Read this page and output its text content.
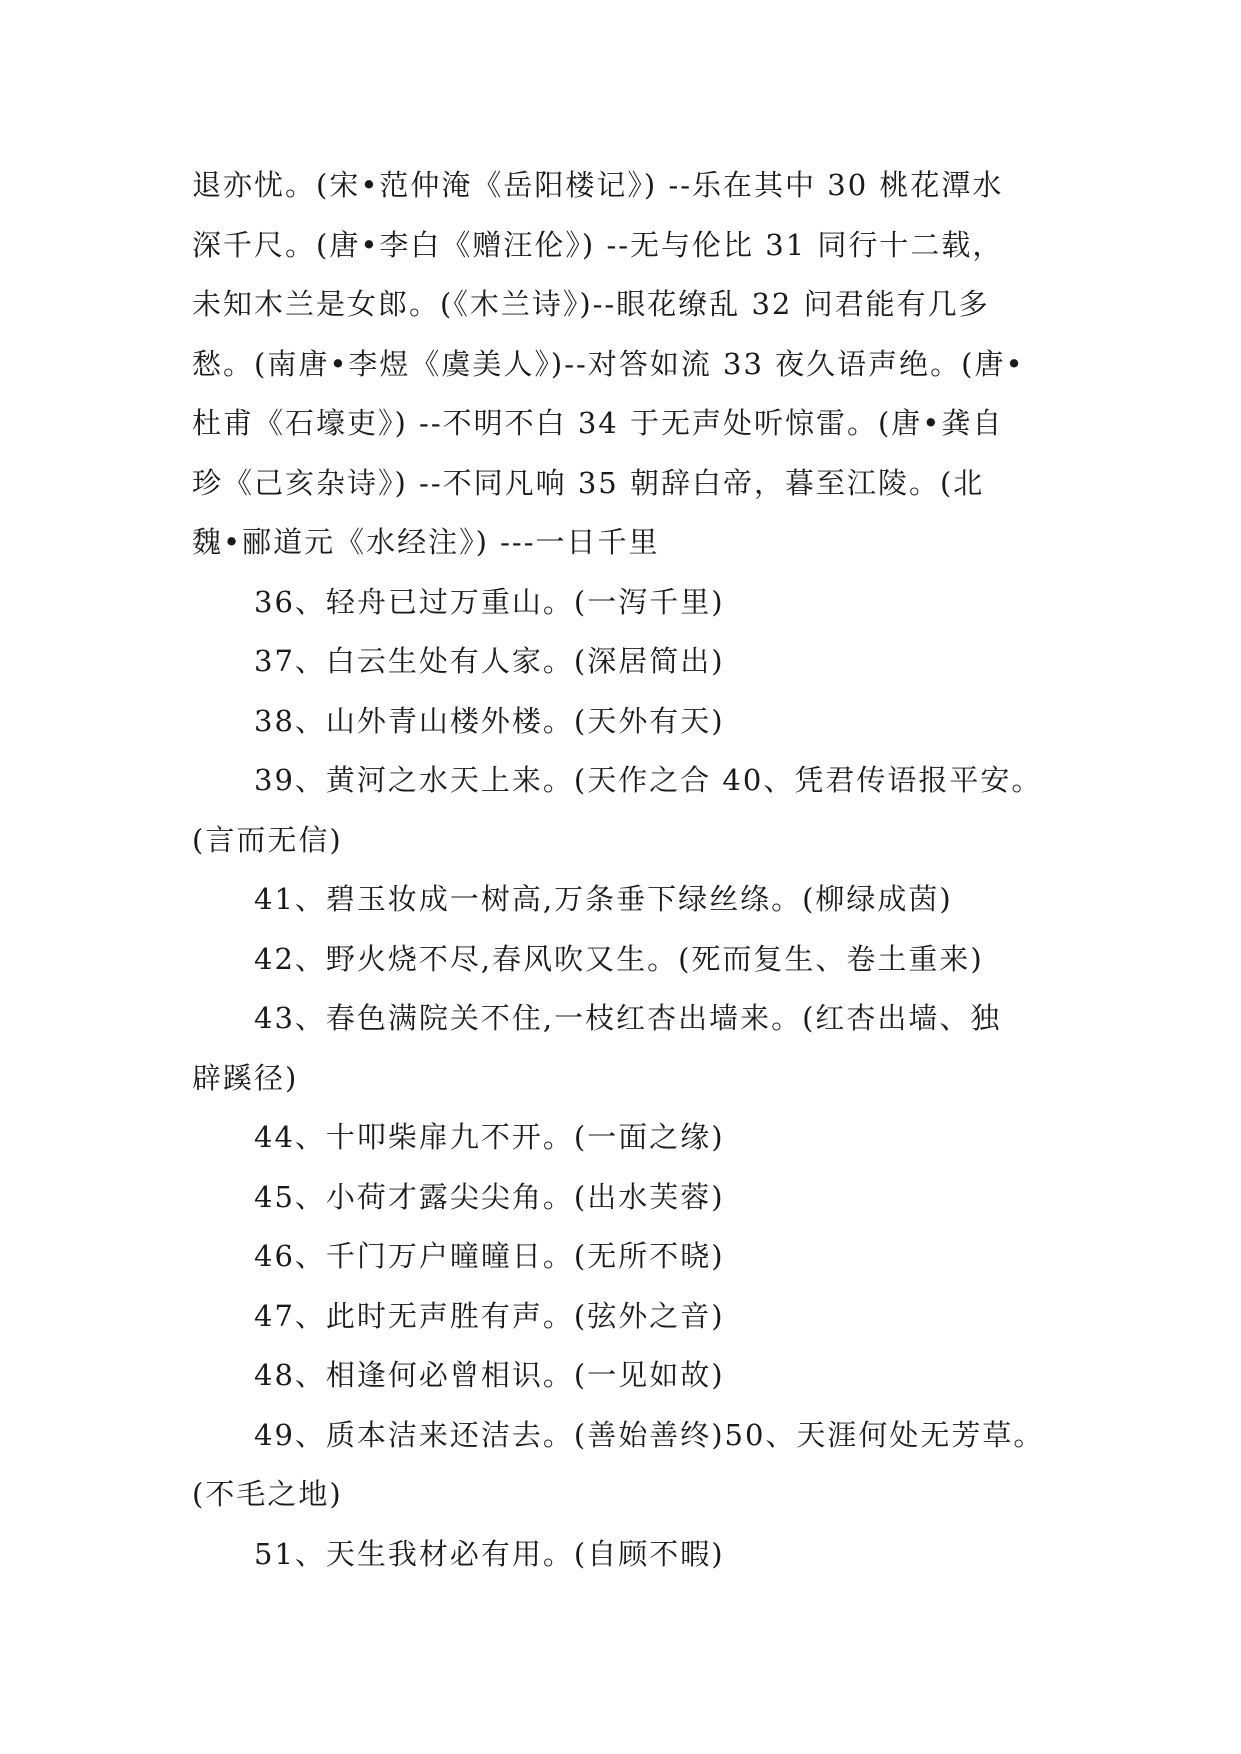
退亦忧。(宋•范仲淹《岳阳楼记》) --乐在其中 30 桃花潭水
深千尺。(唐•李白《赠汪伦》) --无与伦比 31 同行十二载，
未知木兰是女郎。(《木兰诗》)--眼花缭乱 32 问君能有几多
愁。(南唐•李煜《虞美人》)--对答如流 33 夜久语声绝。(唐•
杜甫《石壕吏》) --不明不白 34 于无声处听惊雷。(唐•龚自
珍《己亥杂诗》) --不同凡响 35 朝辞白帝，暮至江陵。(北
魏•郦道元《水经注》) ---一日千里
36、轻舟已过万重山。(一泻千里)
37、白云生处有人家。(深居简出)
38、山外青山楼外楼。(天外有天)
39、黄河之水天上来。(天作之合 40、凭君传语报平安。
(言而无信)
41、碧玉妆成一树高,万条垂下绿丝绦。(柳绿成茵)
42、野火烧不尽,春风吹又生。(死而复生、卷土重来)
43、春色满院关不住,一枝红杏出墙来。(红杏出墙、独
辟蹊径)
44、十叩柴扉九不开。(一面之缘)
45、小荷才露尖尖角。(出水芙蓉)
46、千门万户曈曈日。(无所不晓)
47、此时无声胜有声。(弦外之音)
48、相逢何必曾相识。(一见如故)
49、质本洁来还洁去。(善始善终)50、天涯何处无芳草。
(不毛之地)
51、天生我材必有用。(自顾不暇)
